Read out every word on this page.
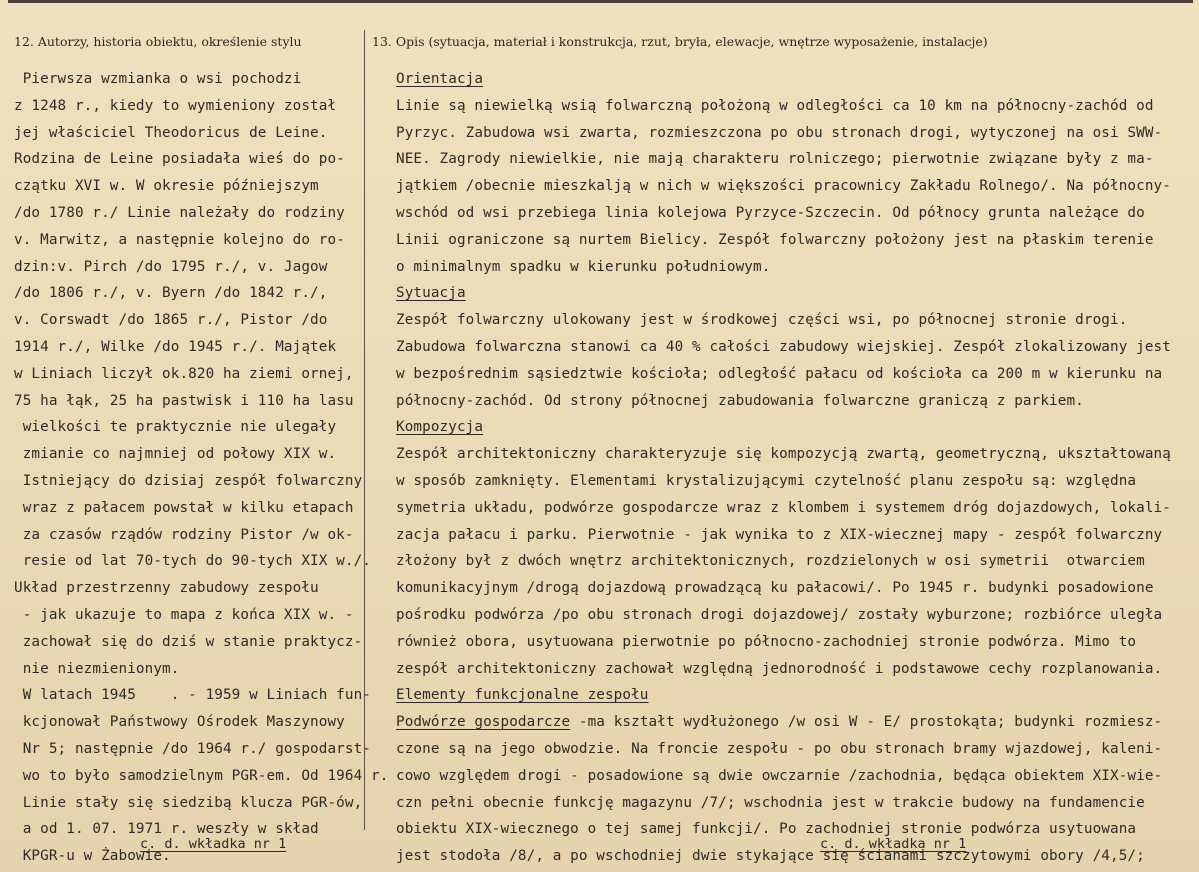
12. Autorzy, historia obiektu, określenie stylu	13. Opis (sytuacja, materiał i konstrukcja, rzut, bryła, elewacje, wnętrze wyposażenie, instalacje)
Pierwsza wzmianka o wsi pochodzi
z 1248 r., kiedy to wymieniony został
jej właściciel Theodoricus de Leine.
Rodzina de Leine posiadała wieś do po-
czątku XVI w. W okresie późniejszym
/do 1780 r./ Linie należały do rodziny
v. Marwitz, a następnie kolejno do ro-
dzin:v. Pirch /do 1795 r./, v. Jagow
/do 1806 r./, v. Byern /do 1842 r./,
v. Corswadt /do 1865 r./, Pistor /do
1914 r./, Wilke /do 1945 r./. Majątek
w Liniach liczył ok.820 ha ziemi ornej,
75 ha łąk, 25 ha pastwisk i 110 ha lasu
wielkości te praktycznie nie ulegały
zmianie co najmniej od połowy XIX w.
Istniejący do dzisiaj zespół folwarczny
wraz z pałacem powstał w kilku etapach
za czasów rządów rodziny Pistor /w ok-
resie od lat 70-tych do 90-tych XIX w./.
Układ przestrzenny zabudowy zespołu
- jak ukazuje to mapa z końca XIX w. -
zachował się do dziś w stanie praktycz-
nie niezmienionym.
W latach 1945    . - 1959 w Liniach fun-
kcjonował Państwowy Ośrodek Maszynowy
Nr 5; następnie /do 1964 r./ gospodarst-
wo to było samodzielnym PGR-em. Od 1964 r.
Linie stały się siedzibą klucza PGR-ów,
a od 1. 07. 1971 r. weszły w skład
KPGR-u w Żabowie.
Orientacja
Linie są niewielką wsią folwarczną położoną w odległości ca 10 km na północny-zachód od
Pyrzyc. Zabudowa wsi zwarta, rozmieszczona po obu stronach drogi, wytyczonej na osi SWW-
NEE. Zagrody niewielkie, nie mają charakteru rolniczego; pierwotnie związane były z ma-
jątkiem /obecnie mieszkalją w nich w większości pracownicy Zakładu Rolnego/. Na północny-
wschód od wsi przebiega linia kolejowa Pyrzyce-Szczecin. Od północy grunta należące do
Linii ograniczone są nurtem Bielicy. Zespół folwarczny położony jest na płaskim terenie
o minimalnym spadku w kierunku południowym.
Sytuacja
Zespół folwarczny ulokowany jest w środkowej części wsi, po północnej stronie drogi.
Zabudowa folwarczna stanowi ca 40 % całości zabudowy wiejskiej. Zespół zlokalizowany jest
w bezpośrednim sąsiedztwie kościoła; odległość pałacu od kościoła ca 200 m w kierunku na
północny-zachód. Od strony północnej zabudowania folwarczne graniczą z parkiem.
Kompozycja
Zespół architektoniczny charakteryzuje się kompozycją zwartą, geometryczną, ukształtowaną
w sposób zamknięty. Elementami krystalizującymi czytelność planu zespołu są: względna
symetria układu, podwórze gospodarcze wraz z klombem i systemem dróg dojazdowych, lokali-
zacja pałacu i parku. Pierwotnie - jak wynika to z XIX-wiecznej mapy - zespół folwarczny
złożony był z dwóch wnętrz architektonicznych, rozdzielonych w osi symetrii  otwarciem
komunikacyjnym /drogą dojazdową prowadzącą ku pałacowi/. Po 1945 r. budynki posadowione
pośrodku podwórza /po obu stronach drogi dojazdowej/ zostały wyburzone; rozbiórce uległa
również obora, usytuowana pierwotnie po północno-zachodniej stronie podwórza. Mimo to
zespół architektoniczny zachował względną jednorodność i podstawowe cechy rozplanowania.
Elementy funkcjonalne zespołu
Podwórze gospodarcze -ma kształt wydłużonego /w osi W - E/ prostokąta; budynki rozmiesz-
czone są na jego obwodzie. Na froncie zespołu - po obu stronach bramy wjazdowej, kaleni-
cowo względem drogi - posadowione są dwie owczarnie /zachodnia, będąca obiektem XIX-wie-
czn pełni obecnie funkcję magazynu /7/; wschodnia jest w trakcie budowy na fundamencie
obiektu XIX-wiecznego o tej samej funkcji/. Po zachodniej stronie podwórza usytuowana
jest stodoła /8/, a po wschodniej dwie stykające się ścianami szczytowymi obory /4,5/;
c. d. wkładka nr 1	c. d. wkładka nr 1
